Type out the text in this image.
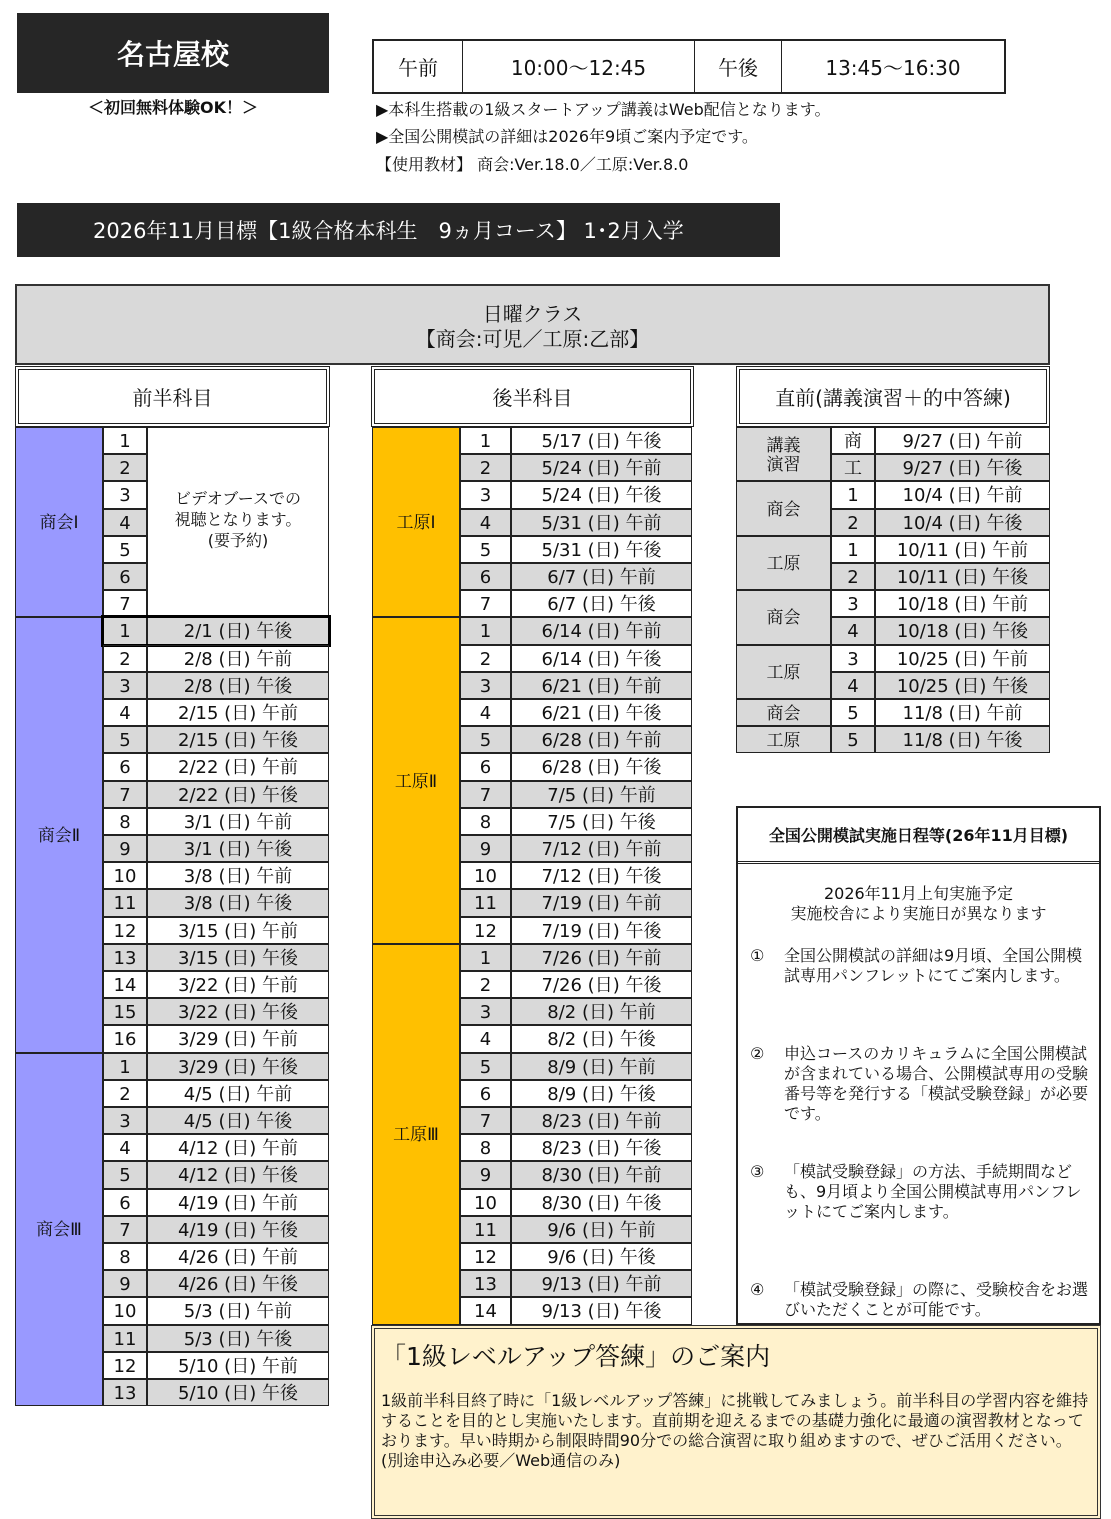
名古屋校
＜初回無料体験OK！＞
午前	10:00〜12:45	午後	13:45〜16:30
▶本科生搭載の1級スタートアップ講義はWeb配信となります。
▶全国公開模試の詳細は2026年9頃ご案内予定です。
【使用教材】 商会:Ver.18.0／工原:Ver.8.0
2026年11月目標【1級合格本科生　9ヵ月コース】 1･2月入学
日曜クラス
【商会:可児／工原:乙部】
前半科目	後半科目	直前(講義演習＋的中答練)
商会Ⅰ
1
2
3
4
5
6
7
ビデオブースでの
視聴となります。
(要予約)
商会Ⅱ
1	2/1 (日) 午後
2	2/8 (日) 午前
3	2/8 (日) 午後
4	2/15 (日) 午前
5	2/15 (日) 午後
6	2/22 (日) 午前
7	2/22 (日) 午後
8	3/1 (日) 午前
9	3/1 (日) 午後
10	3/8 (日) 午前
11	3/8 (日) 午後
12	3/15 (日) 午前
13	3/15 (日) 午後
14	3/22 (日) 午前
15	3/22 (日) 午後
16	3/29 (日) 午前
商会Ⅲ
1	3/29 (日) 午後
2	4/5 (日) 午前
3	4/5 (日) 午後
4	4/12 (日) 午前
5	4/12 (日) 午後
6	4/19 (日) 午前
7	4/19 (日) 午後
8	4/26 (日) 午前
9	4/26 (日) 午後
10	5/3 (日) 午前
11	5/3 (日) 午後
12	5/10 (日) 午前
13	5/10 (日) 午後
工原Ⅰ
1	5/17 (日) 午後
2	5/24 (日) 午前
3	5/24 (日) 午後
4	5/31 (日) 午前
5	5/31 (日) 午後
6	6/7 (日) 午前
7	6/7 (日) 午後
工原Ⅱ
1	6/14 (日) 午前
2	6/14 (日) 午後
3	6/21 (日) 午前
4	6/21 (日) 午後
5	6/28 (日) 午前
6	6/28 (日) 午後
7	7/5 (日) 午前
8	7/5 (日) 午後
9	7/12 (日) 午前
10	7/12 (日) 午後
11	7/19 (日) 午前
12	7/19 (日) 午後
工原Ⅲ
1	7/26 (日) 午前
2	7/26 (日) 午後
3	8/2 (日) 午前
4	8/2 (日) 午後
5	8/9 (日) 午前
6	8/9 (日) 午後
7	8/23 (日) 午前
8	8/23 (日) 午後
9	8/30 (日) 午前
10	8/30 (日) 午後
11	9/6 (日) 午前
12	9/6 (日) 午後
13	9/13 (日) 午前
14	9/13 (日) 午後
講義
演習
商	9/27 (日) 午前
工	9/27 (日) 午後
商会
1	10/4 (日) 午前
2	10/4 (日) 午後
工原
1	10/11 (日) 午前
2	10/11 (日) 午後
商会
3	10/18 (日) 午前
4	10/18 (日) 午後
工原
3	10/25 (日) 午前
4	10/25 (日) 午後
商会	5	11/8 (日) 午前
工原	5	11/8 (日) 午後
全国公開模試実施日程等(26年11月目標)
2026年11月上旬実施予定
実施校舎により実施日が異なります
①	全国公開模試の詳細は9月頃、全国公開模試専用パンフレットにてご案内します。
②	申込コースのカリキュラムに全国公開模試が含まれている場合、公開模試専用の受験番号等を発行する「模試受験登録」が必要です。
③	「模試受験登録」の方法、手続期間なども、9月頃より全国公開模試専用パンフレットにてご案内します。
④	「模試受験登録」の際に、受験校舎をお選びいただくことが可能です。
「1級レベルアップ答練」のご案内

1級前半科目終了時に「1級レベルアップ答練」に挑戦してみましょう。前半科目の学習内容を維持することを目的とし実施いたします。直前期を迎えるまでの基礎力強化に最適の演習教材となっております。早い時期から制限時間90分での総合演習に取り組めますので、ぜひご活用ください。

(別途申込み必要／Web通信のみ)
